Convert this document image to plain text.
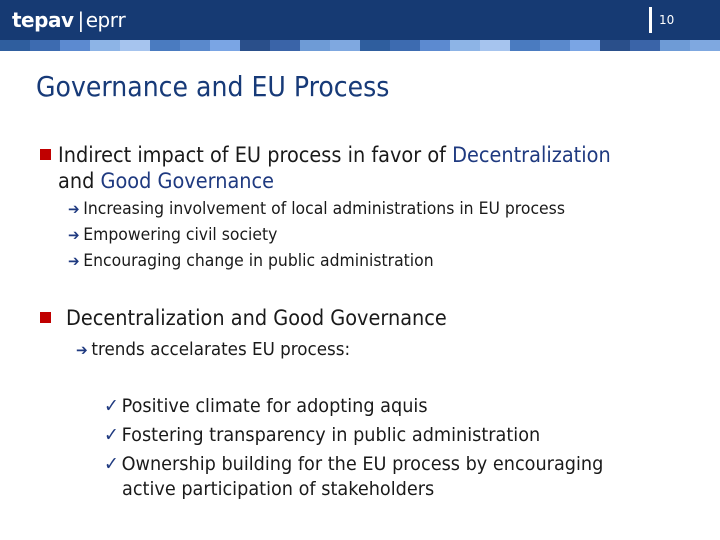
tepav | epr r	10
Governance and EU Process
Indirect impact of EU process in favor of Decentralization
and Good Governance
➔ Increasing involvement of local administrations in EU process
➔ Empowering civil society
➔ Encouraging change in public administration
Decentralization and Good Governance
➔ trends accelarates EU process:
✓ Positive climate for adopting aquis
✓ Fostering transparency in public administration
✓ Ownership building for the EU process by encouraging
active participation of stakeholders
